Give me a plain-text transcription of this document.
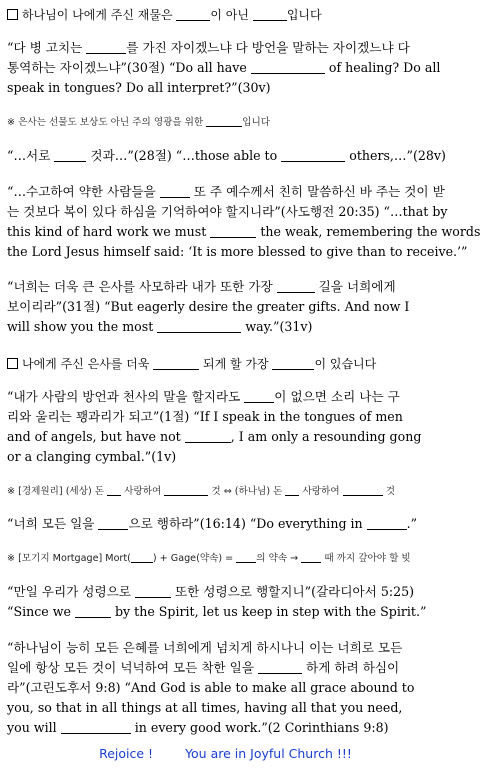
하나님이 나에게 주신 재물은	이 아닌	입니다
“다 병 고치는	를 가진 자이겠느냐 다 방언을 말하는 자이겠느냐 다
통역하는 자이겠느냐”(30절) “Do all have	of healing? Do all
speak in tongues? Do all interpret?”(30v)
※ 은사는 선물도 보상도 아닌 주의 영광을 위한	입니다
“…서로	것과…”(28절) “…those able to	others,…”(28v)
“…수고하여 약한 사람들을	또 주 예수께서 친히 말씀하신 바 주는 것이 받
는 것보다 복이 있다 하심을 기억하여야 할지니라”(사도행전 20:35) “…that by
this kind of hard work we must	the weak, remembering the words
the Lord Jesus himself said: ‘It is more blessed to give than to receive.’”
“너희는 더욱 큰 은사를 사모하라 내가 또한 가장	길을 너희에게
보이리라”(31절) “But eagerly desire the greater gifts. And now I
will show you the most	way.”(31v)
나에게 주신 은사를 더욱	되게 할 가장	이 있습니다
“내가 사람의 방언과 천사의 말을 할지라도	이 없으면 소리 나는 구
리와 울리는 꽹과리가 되고”(1절) “If I speak in the tongues of men
and of angels, but have not	, I am only a resounding gong
or a clanging cymbal.”(1v)
※ [경제원리] (세상) 돈 사랑하여	것 ⇔ (하나님) 돈 사랑하여	것
“너희 모든 일을	으로 행하라”(16:14) “Do everything in	.”
※ [모기지 Mortgage] Mort( ) + Gage(약속) = 의 약속 →	때 까지 갚아야 할 빚
“만일 우리가 성령으로	또한 성령으로 행할지니”(갈라디아서 5:25)
“Since we	by the Spirit, let us keep in step with the Spirit.”
“하나님이 능히 모든 은혜를 너희에게 넘치게 하시나니 이는 너희로 모든
일에 항상 모든 것이 넉넉하여 모든 착한 일을	하게 하려 하심이
라”(고린도후서 9:8) “And God is able to make all grace abound to
you, so that in all things at all times, having all that you need,
you will	in every good work.”(2 Corinthians 9:8)
Rejoice !	You are in Joyful Church !!!
